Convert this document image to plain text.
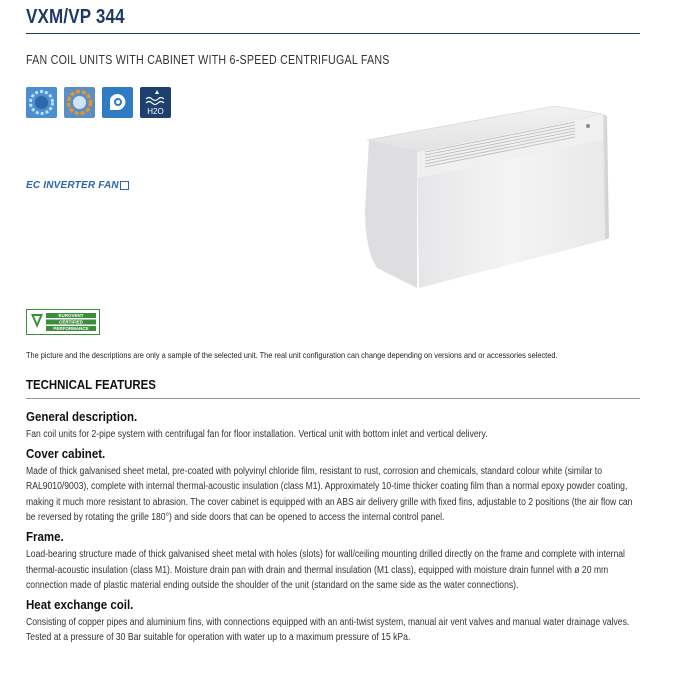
VXM/VP 344
FAN COIL UNITS WITH CABINET WITH 6-SPEED CENTRIFUGAL FANS
H2O
EC INVERTER FAN
EUROVENT
CERTIFIED
PERFORMANCE
The picture and the descriptions are only a sample of the selected unit. The real unit configuration can change depending on versions and or accessories selected.
TECHNICAL FEATURES
General description.
Fan coil units for 2-pipe system with centrifugal fan for floor installation. Vertical unit with bottom inlet and vertical delivery.
Cover cabinet.
Made of thick galvanised sheet metal, pre-coated with polyvinyl chloride film, resistant to rust, corrosion and chemicals, standard colour white (similar to RAL9010/9003), complete with internal thermal-acoustic insulation (class M1). Approximately 10-time thicker coating film than a normal epoxy powder coating, making it much more resistant to abrasion. The cover cabinet is equipped with an ABS air delivery grille with fixed fins, adjustable to 2 positions (the air flow can be reversed by rotating the grille 180°) and side doors that can be opened to access the internal control panel.
Frame.
Load-bearing structure made of thick galvanised sheet metal with holes (slots) for wall/ceiling mounting drilled directly on the frame and complete with internal thermal-acoustic insulation (class M1). Moisture drain pan with drain and thermal insulation (M1 class), equipped with moisture drain funnel with ø 20 mm connection made of plastic material ending outside the shoulder of the unit (standard on the same side as the water connections).
Heat exchange coil.
Consisting of copper pipes and aluminium fins, with connections equipped with an anti-twist system, manual air vent valves and manual water drainage valves. Tested at a pressure of 30 Bar suitable for operation with water up to a maximum pressure of 15 kPa.
